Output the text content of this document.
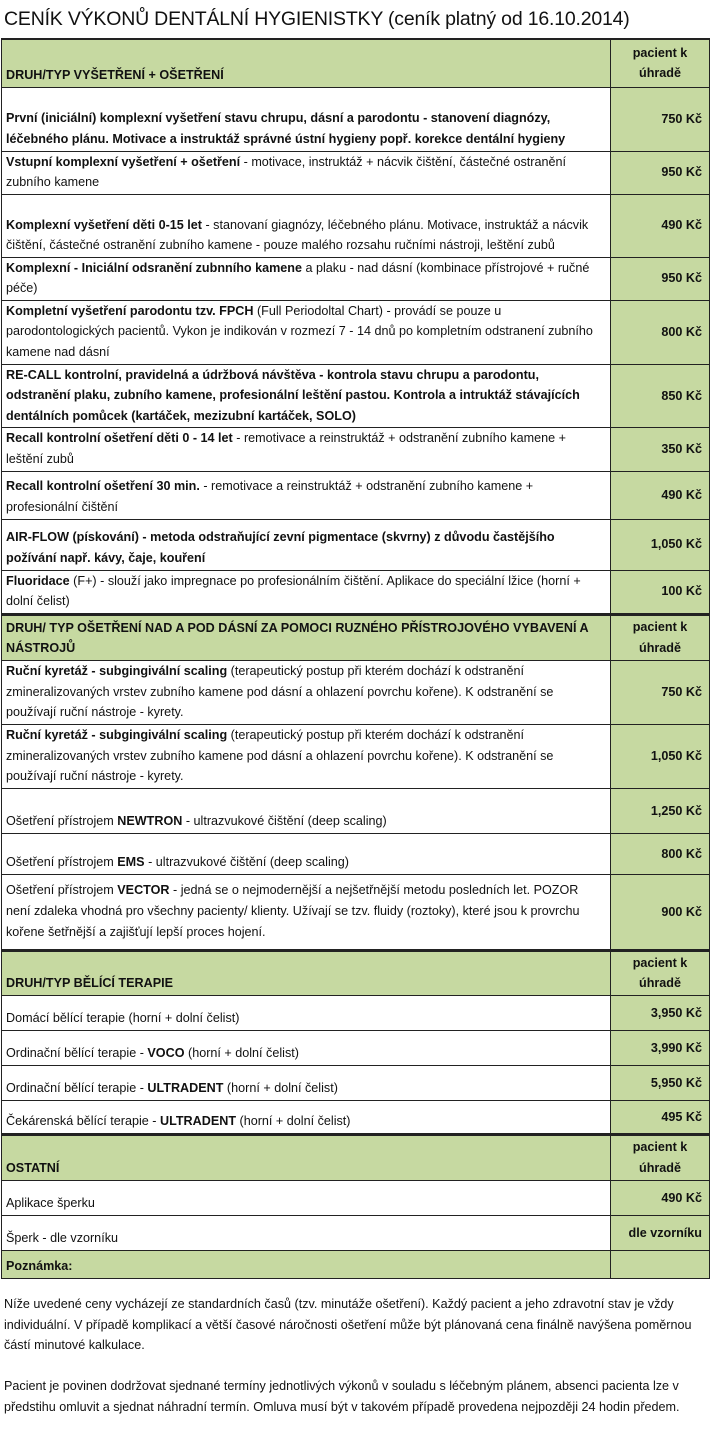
CENÍK VÝKONŮ DENTÁLNÍ HYGIENISTKY (ceník platný od 16.10.2014)
DRUH/TYP VYŠETŘENÍ + OŠETŘENÍ	pacient k úhradě
První (iniciální) komplexní vyšetření stavu chrupu, dásní a parodontu - stanovení diagnózy, léčebného plánu. Motivace a instruktáž správné ústní hygieny popř. korekce dentální hygieny	750 Kč
Vstupní komplexní vyšetření + ošetření - motivace, instruktáž + nácvik čištění, částečné ostranění zubního kamene	950 Kč
Komplexní vyšetření děti 0-15 let - stanovaní giagnózy, léčebného plánu. Motivace, instruktáž a nácvik čištění, částečné ostranění zubního kamene - pouze malého rozsahu ručními nástroji, leštění zubů	490 Kč
Komplexní - Iniciální odsranění zubnního kamene a plaku - nad dásní (kombinace přístrojové + ručné péče)	950 Kč
Kompletní vyšetření parodontu tzv. FPCH (Full Periodoltal Chart) - provádí se pouze u parodontologických pacientů. Vykon je indikován v rozmezí 7 - 14 dnů po kompletním odstranení zubního kamene nad dásní	800 Kč
RE-CALL kontrolní, pravidelná a údržbová návštěva - kontrola stavu chrupu a parodontu, odstranění plaku, zubního kamene, profesionální leštění pastou. Kontrola a intruktáž stávajících dentálních pomůcek (kartáček, mezizubní kartáček, SOLO)	850 Kč
Recall kontrolní ošetření děti 0 - 14 let - remotivace a reinstruktáž + odstranění zubního kamene + leštění zubů	350 Kč
Recall kontrolní ošetření 30 min. - remotivace a reinstruktáž + odstranění zubního kamene + profesionální čištění	490 Kč
AIR-FLOW (pískování) - metoda odstraňující zevní pigmentace (skvrny) z důvodu častějšího požívání např. kávy, čaje, kouření	1,050 Kč
Fluoridace (F+) - slouží jako impregnace po profesionálním čištění. Aplikace do speciální lžice (horní + dolní čelist)	100 Kč
DRUH/ TYP OŠETŘENÍ NAD A POD DÁSNÍ ZA POMOCI RUZNÉHO PŘÍSTROJOVÉHO VYBAVENÍ A NÁSTROJŮ	pacient k úhradě
Ruční kyretáž - subgingivální scaling (terapeutický postup při kterém dochází k odstranění zmineralizovaných vrstev zubního kamene pod dásní a ohlazení povrchu kořene). K odstranění se používají ruční nástroje - kyrety.	750 Kč
Ruční kyretáž - subgingivální scaling (terapeutický postup při kterém dochází k odstranění zmineralizovaných vrstev zubního kamene pod dásní a ohlazení povrchu kořene). K odstranění se používají ruční nástroje - kyrety.	1,050 Kč
Ošetření přístrojem NEWTRON - ultrazvukové čištění (deep scaling)	1,250 Kč
Ošetření přístrojem EMS - ultrazvukové čištění (deep scaling)	800 Kč
Ošetření přístrojem VECTOR - jedná se o nejmodernější a nejšetřnější metodu posledních let. POZOR není zdaleka vhodná pro všechny pacienty/ klienty. Užívají se tzv. fluidy (roztoky), které jsou k provrchu kořene šetřnější a zajišťují lepší proces hojení.	900 Kč
DRUH/TYP BĚLÍCÍ TERAPIE	pacient k úhradě
Domácí bělící terapie (horní + dolní čelist)	3,950 Kč
Ordinační bělící terapie - VOCO (horní + dolní čelist)	3,990 Kč
Ordinační bělící terapie - ULTRADENT (horní + dolní čelist)	5,950 Kč
Čekárenská bělící terapie - ULTRADENT (horní + dolní čelist)	495 Kč
OSTATNÍ	pacient k úhradě
Aplikace šperku	490 Kč
Šperk - dle vzorníku	dle vzorníku
Poznámka:	
Níže uvedené ceny vycházejí ze standardních časů (tzv. minutáže ošetření). Každý pacient a jeho zdravotní stav je vždy individuální. V případě komplikací a větší časové náročnosti ošetření může být plánovaná cena finálně navýšena poměrnou částí minutové kalkulace.
Pacient je povinen dodržovat sjednané termíny jednotlivých výkonů v souladu s léčebným plánem, absenci pacienta lze v předstihu omluvit a sjednat náhradní termín. Omluva musí být v takovém případě provedena nejpozději 24 hodin předem.
